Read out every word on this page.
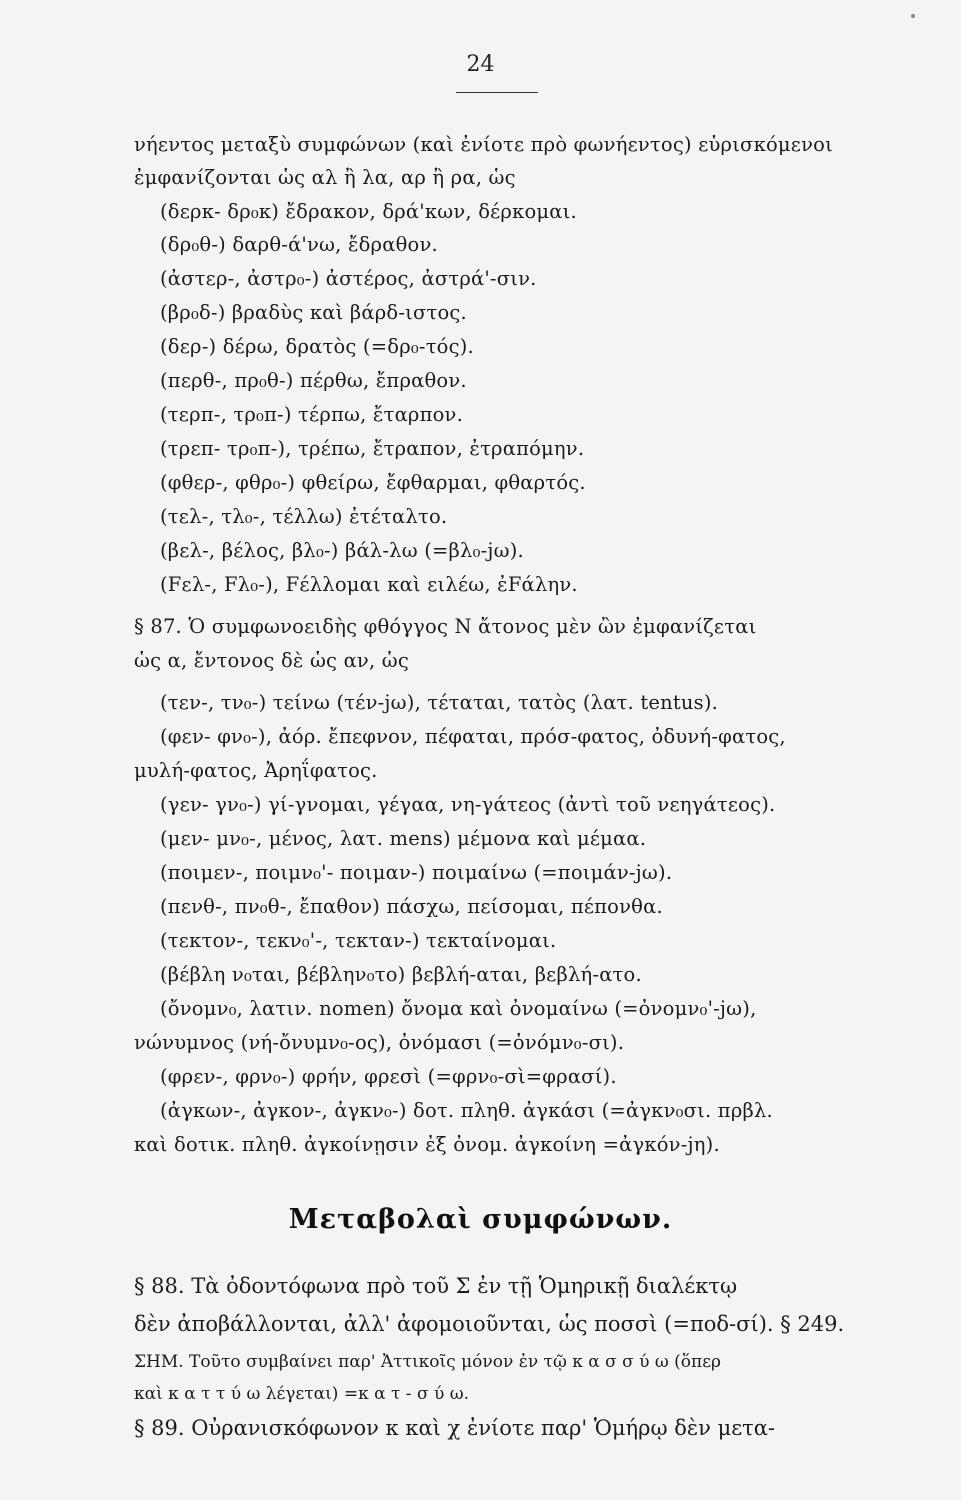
24
νήεντος μεταξὺ συμφώνων (καὶ ἐνίοτε πρὸ φωνήεντος) εὑρισκόμενοι
ἐμφανίζονται ὡς αλ ἢ λα, αρ ἢ ρα, ὡς
(δερκ- δρ₀κ) ἔδρακον, δρά'κων, δέρκομαι.
(δρ₀θ-) δαρθ-ά'νω, ἔδραθον.
(ἀστερ-, ἀστρ₀-) ἀστέρος, ἀστρά'-σιν.
(βρ₀δ-) βραδὺς καὶ βάρδ-ιστος.
(δερ-) δέρω, δρατὸς (=δρ₀-τός).
(περθ-, πρ₀θ-) πέρθω, ἔπραθον.
(τερπ-, τρ₀π-) τέρπω, ἔταρπον.
(τρεπ- τρ₀π-), τρέπω, ἔτραπον, ἐτραπόμην.
(φθερ-, φθρ₀-) φθείρω, ἔφθαρμαι, φθαρτός.
(τελ-, τλ₀-, τέλλω) ἐτέταλτο.
(βελ-, βέλος, βλ₀-) βάλ-λω (=βλ₀-jω).
(Fελ-, Fλ₀-), Fέλλομαι καὶ ειλέω, ἐFάλην.
§ 87. Ὁ συμφωνοειδὴς φθόγγος Ν ἄτονος μὲν ὢν ἐμφανίζεται
ὡς α, ἔντονος δὲ ὡς αν, ὡς
(τεν-, τν₀-) τείνω (τέν-jω), τέταται, τατὸς (λατ. tentus).
(φεν- φν₀-), ἀόρ. ἔπεφνον, πέφαται, πρόσ-φατος, ὀδυνή-φατος,
μυλή-φατος, Ἀρηΐφατος.
(γεν- γν₀-) γί-γνομαι, γέγαα, νη-γάτεος (ἀντὶ τοῦ νεηγάτεος).
(μεν- μν₀-, μένος, λατ. mens) μέμονα καὶ μέμαα.
(ποιμεν-, ποιμν₀'- ποιμαν-) ποιμαίνω (=ποιμάν-jω).
(πενθ-, πν₀θ-, ἔπαθον) πάσχω, πείσομαι, πέπονθα.
(τεκτον-, τεκν₀'-, τεκταν-) τεκταίνομαι.
(βέβλη ν₀ται, βέβλην₀το) βεβλή-αται, βεβλή-ατο.
(ὄνομν₀, λατιν. nomen) ὄνομα καὶ ὀνομαίνω (=ὀνομν₀'-jω),
νώνυμνος (νή-ὄνυμν₀-ος), ὀνόμασι (=ὀνόμν₀-σι).
(φρεν-, φρν₀-) φρήν, φρεσὶ (=φρν₀-σὶ=φρασί).
(ἀγκων-, ἀγκον-, ἀγκν₀-) δοτ. πληθ. ἀγκάσι (=ἀγκν₀σι. πρβλ.
καὶ δοτικ. πληθ. ἀγκοίνῃσιν ἐξ ὀνομ. ἀγκοίνη =ἀγκόν-jη).
Μεταβολαὶ συμφώνων.
§ 88. Τὰ ὀδοντόφωνα πρὸ τοῦ Σ ἐν τῇ Ὁμηρικῇ διαλέκτῳ
δὲν ἀποβάλλονται, ἀλλ' ἀφομοιοῦνται, ὡς ποσσὶ (=ποδ-σί). § 249.
ΣΗΜ. Τοῦτο συμβαίνει παρ' Ἀττικοῖς μόνον ἐν τῷ κ α σ σ ύ ω (ὅπερ
καὶ κ α τ τ ύ ω λέγεται) =κ α τ - σ ύ ω.
§ 89. Οὐρανισκόφωνον κ καὶ χ ἐνίοτε παρ' Ὁμήρῳ δὲν μετα-
